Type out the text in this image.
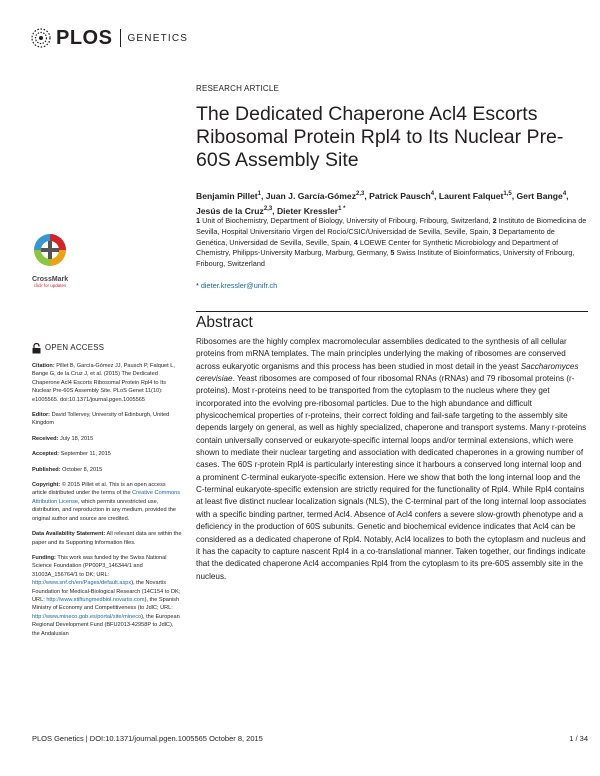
PLOS GENETICS
RESEARCH ARTICLE
The Dedicated Chaperone Acl4 Escorts Ribosomal Protein Rpl4 to Its Nuclear Pre-60S Assembly Site
Benjamin Pillet$^1$, Juan J. García-Gómez$^{2,3}$, Patrick Pausch$^4$, Laurent Falquet$^{1,5}$, Gert Bange$^4$, Jesús de la Cruz$^{2,3}$, Dieter Kressler$^{1 *}$
1 Unit of Biochemistry, Department of Biology, University of Fribourg, Fribourg, Switzerland, 2 Instituto de Biomedicina de Sevilla, Hospital Universitario Virgen del Rocío/CSIC/Universidad de Sevilla, Seville, Spain, 3 Departamento de Genética, Universidad de Sevilla, Seville, Spain, 4 LOEWE Center for Synthetic Microbiology and Department of Chemistry, Philipps-University Marburg, Marburg, Germany, 5 Swiss Institute of Bioinformatics, University of Fribourg, Fribourg, Switzerland
* dieter.kressler@unifr.ch
CrossMark
click for updates
OPEN ACCESS

Citation: Pillet B, García-Gómez JJ, Pausch P, Falquet L, Bange G, de la Cruz J, et al. (2015) The Dedicated Chaperone Acl4 Escorts Ribosomal Protein Rpl4 to Its Nuclear Pre-60S Assembly Site. PLoS Genet 11(10): e1005565. doi:10.1371/journal.pgen.1005565

Editor: David Tollervey, University of Edinburgh, United Kingdom

Received: July 18, 2015

Accepted: September 11, 2015

Published: October 8, 2015

Copyright: © 2015 Pillet et al. This is an open access article distributed under the terms of the Creative Commons Attribution License, which permits unrestricted use, distribution, and reproduction in any medium, provided the original author and source are credited.

Data Availability Statement: All relevant data are within the paper and its Supporting Information files.

Funding: This work was funded by the Swiss National Science Foundation (PP00P3_146344/1 and 31003A_156764/1 to DK; URL: http://www.snf.ch/en/Pages/default.aspx), the Novartis Foundation for Medical-Biological Research (14C154 to DK; URL: http://www.stiftungmedbiol.novartis.com), the Spanish Ministry of Economy and Competitiveness (to JdlC; URL: http://www.mineco.gob.es/portal/site/mineco), the European Regional Development Fund (BFU2013-42958P to JdlC), the Andalusian

Abstract

Ribosomes are the highly complex macromolecular assemblies dedicated to the synthesis of all cellular proteins from mRNA templates. The main principles underlying the making of ribosomes are conserved across eukaryotic organisms and this process has been studied in most detail in the yeast Saccharomyces cerevisiae. Yeast ribosomes are composed of four ribosomal RNAs (rRNAs) and 79 ribosomal proteins (r-proteins). Most r-proteins need to be transported from the cytoplasm to the nucleus where they get incorporated into the evolving pre-ribosomal particles. Due to the high abundance and difficult physicochemical properties of r-proteins, their correct folding and fail-safe targeting to the assembly site depends largely on general, as well as highly specialized, chaperone and transport systems. Many r-proteins contain universally conserved or eukaryote-specific internal loops and/or terminal extensions, which were shown to mediate their nuclear targeting and association with dedicated chaperones in a growing number of cases. The 60S r-protein Rpl4 is particularly interesting since it harbours a conserved long internal loop and a prominent C-terminal eukaryote-specific extension. Here we show that both the long internal loop and the C-terminal eukaryote-specific extension are strictly required for the functionality of Rpl4. While Rpl4 contains at least five distinct nuclear localization signals (NLS), the C-terminal part of the long internal loop associates with a specific binding partner, termed Acl4. Absence of Acl4 confers a severe slow-growth phenotype and a deficiency in the production of 60S subunits. Genetic and biochemical evidence indicates that Acl4 can be considered as a dedicated chaperone of Rpl4. Notably, Acl4 localizes to both the cytoplasm and nucleus and it has the capacity to capture nascent Rpl4 in a co-translational manner. Taken together, our findings indicate that the dedicated chaperone Acl4 accompanies Rpl4 from the cytoplasm to its pre-60S assembly site in the nucleus.

PLOS Genetics | DOI:10.1371/journal.pgen.1005565 October 8, 2015	1 / 34
